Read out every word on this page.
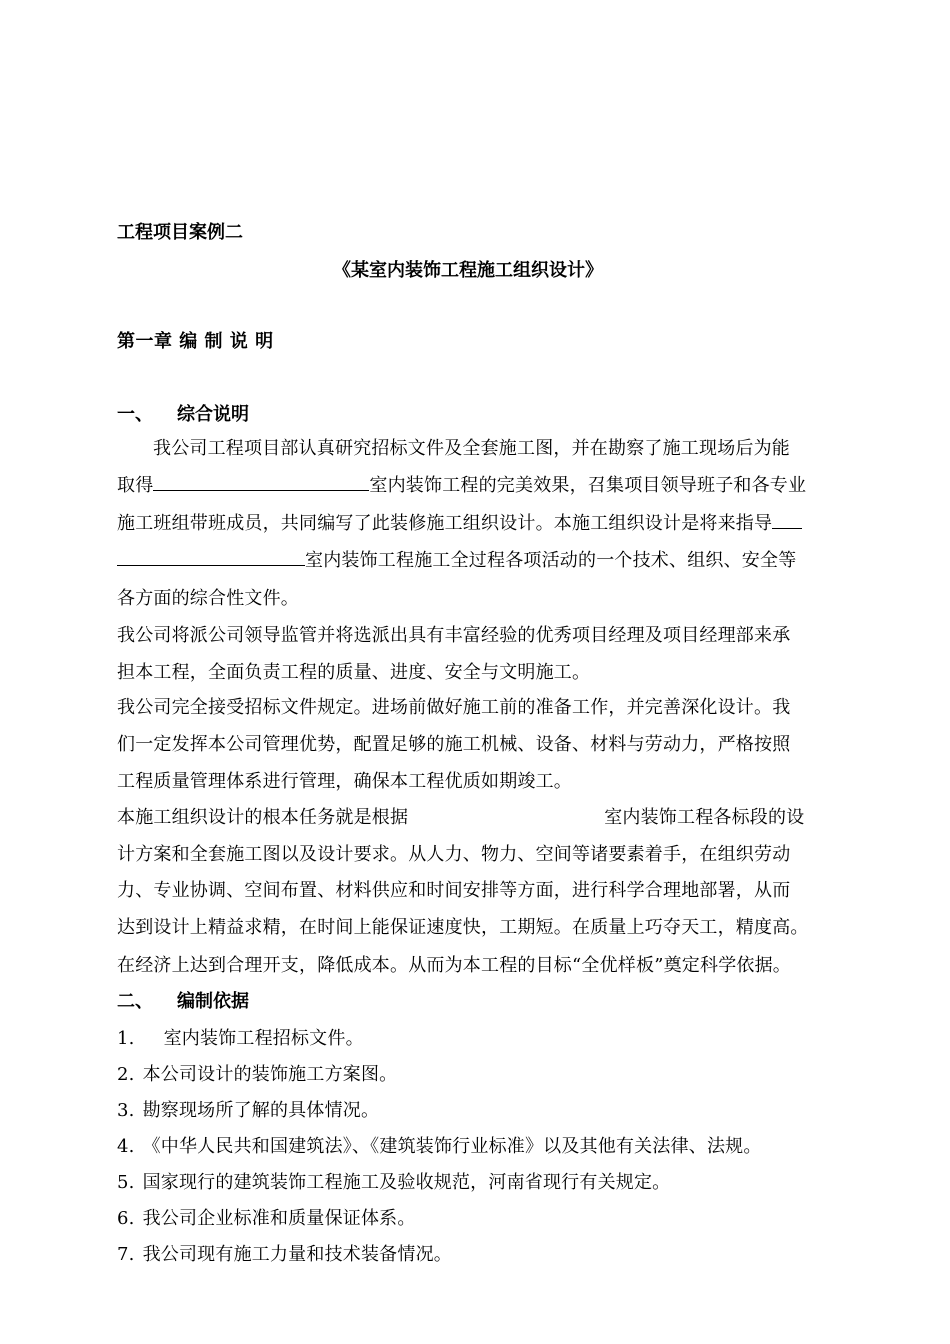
工程项目案例二
《某室内装饰工程施工组织设计》
第一章 编 制 说 明
一、 综合说明
我公司工程项目部认真研究招标文件及全套施工图，并在勘察了施工现场后为能
取得	室内装饰工程的完美效果，召集项目领导班子和各专业
施工班组带班成员，共同编写了此装修施工组织设计。本施工组织设计是将来指导
室内装饰工程施工全过程各项活动的一个技术、组织、安全等
各方面的综合性文件。
我公司将派公司领导监管并将选派出具有丰富经验的优秀项目经理及项目经理部来承
担本工程，全面负责工程的质量、进度、安全与文明施工。
我公司完全接受招标文件规定。进场前做好施工前的准备工作，并完善深化设计。我
们一定发挥本公司管理优势，配置足够的施工机械、设备、材料与劳动力，严格按照
工程质量管理体系进行管理，确保本工程优质如期竣工。
本施工组织设计的根本任务就是根据	室内装饰工程各标段的设
计方案和全套施工图以及设计要求。从人力、物力、空间等诸要素着手，在组织劳动
力、专业协调、空间布置、材料供应和时间安排等方面，进行科学合理地部署，从而
达到设计上精益求精，在时间上能保证速度快，工期短。在质量上巧夺天工，精度高。
在经济上达到合理开支，降低成本。从而为本工程的目标“全优样板”奠定科学依据。
二、 编制依据
1. 室内装饰工程招标文件。
2. 本公司设计的装饰施工方案图。
3. 勘察现场所了解的具体情况。
4. 《中华人民共和国建筑法》、《建筑装饰行业标准》以及其他有关法律、法规。
5. 国家现行的建筑装饰工程施工及验收规范，河南省现行有关规定。
6. 我公司企业标准和质量保证体系。
7. 我公司现有施工力量和技术装备情况。
